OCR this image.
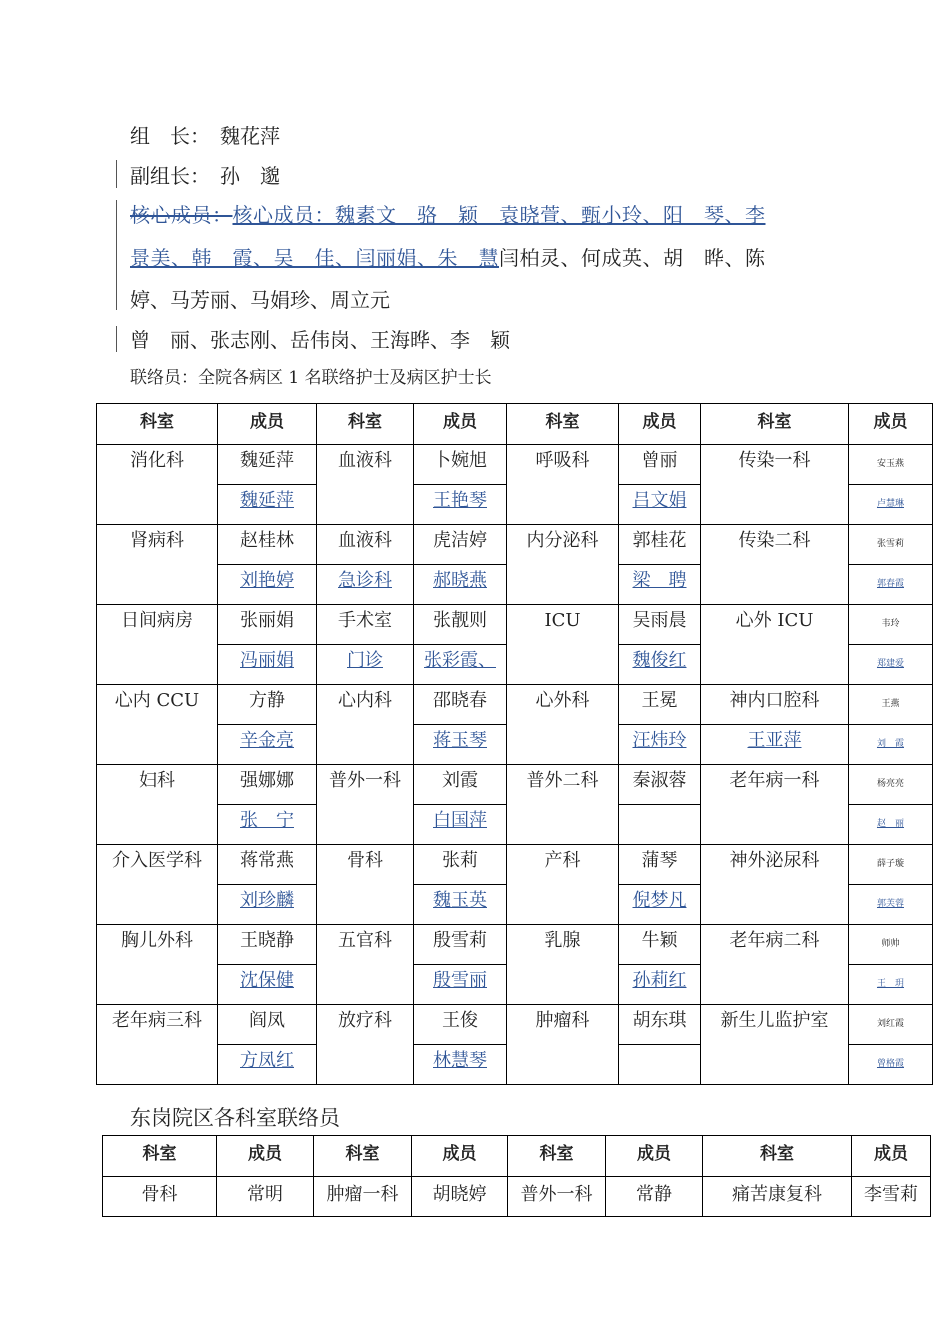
组　长：　 魏花萍
副组长：　 孙　邈
核心成员：核心成员：魏素文　骆　颖　袁晓萱、甄小玲、阳　琴、李
景美、韩　霞、吴　佳、闫丽娟、朱　慧闫柏灵、何成英、胡　晔、陈
婷、马芳丽、马娟珍、周立元
曾　丽、张志刚、岳伟岗、王海晔、李　颖
联络员：全院各病区 1 名联络护士及病区护士长
科室	成员	科室	成员	科室	成员	科室	成员
消化科	魏延萍	血液科	卜婉旭	呼吸科	曾丽	传染一科	安玉燕
	魏延萍		王艳琴		吕文娟		卢慧琳
肾病科	赵桂林	血液科	虎洁婷	内分泌科	郭桂花	传染二科	张雪莉
	刘艳婷	急诊科	郝晓燕		梁　聘		郭春霞
日间病房	张丽娟	手术室	张靓则	ICU	吴雨晨	心外 ICU	韦玲
	冯丽娟	门诊	张彩霞、		魏俊红		郑建爱
心内 CCU	方静	心内科	邵晓春	心外科	王冕	神内口腔科	王燕
	辛金亮		蒋玉琴		汪炜玲	王亚萍	刘　霞
妇科	强娜娜	普外一科	刘霞	普外二科	秦淑蓉	老年病一科	杨亮亮
	张　宁		白国萍				赵　丽
介入医学科	蒋常燕	骨科	张莉	产科	蒲琴	神外泌尿科	薛子璇
	刘珍麟		魏玉英		倪梦凡		郭芙蓉
胸儿外科	王晓静	五官科	殷雪莉	乳腺	牛颖	老年病二科	师帅
	沈保健		殷雪丽		孙莉红		王　玥
老年病三科	阎凤	放疗科	王俊	肿瘤科	胡东琪	新生儿监护室	刘红霞
	方凤红		林慧琴				曾格霞
东岗院区各科室联络员
科室	成员	科室	成员	科室	成员	科室	成员
骨科	常明	肿瘤一科	胡晓婷	普外一科	常静	痛苦康复科	李雪莉
